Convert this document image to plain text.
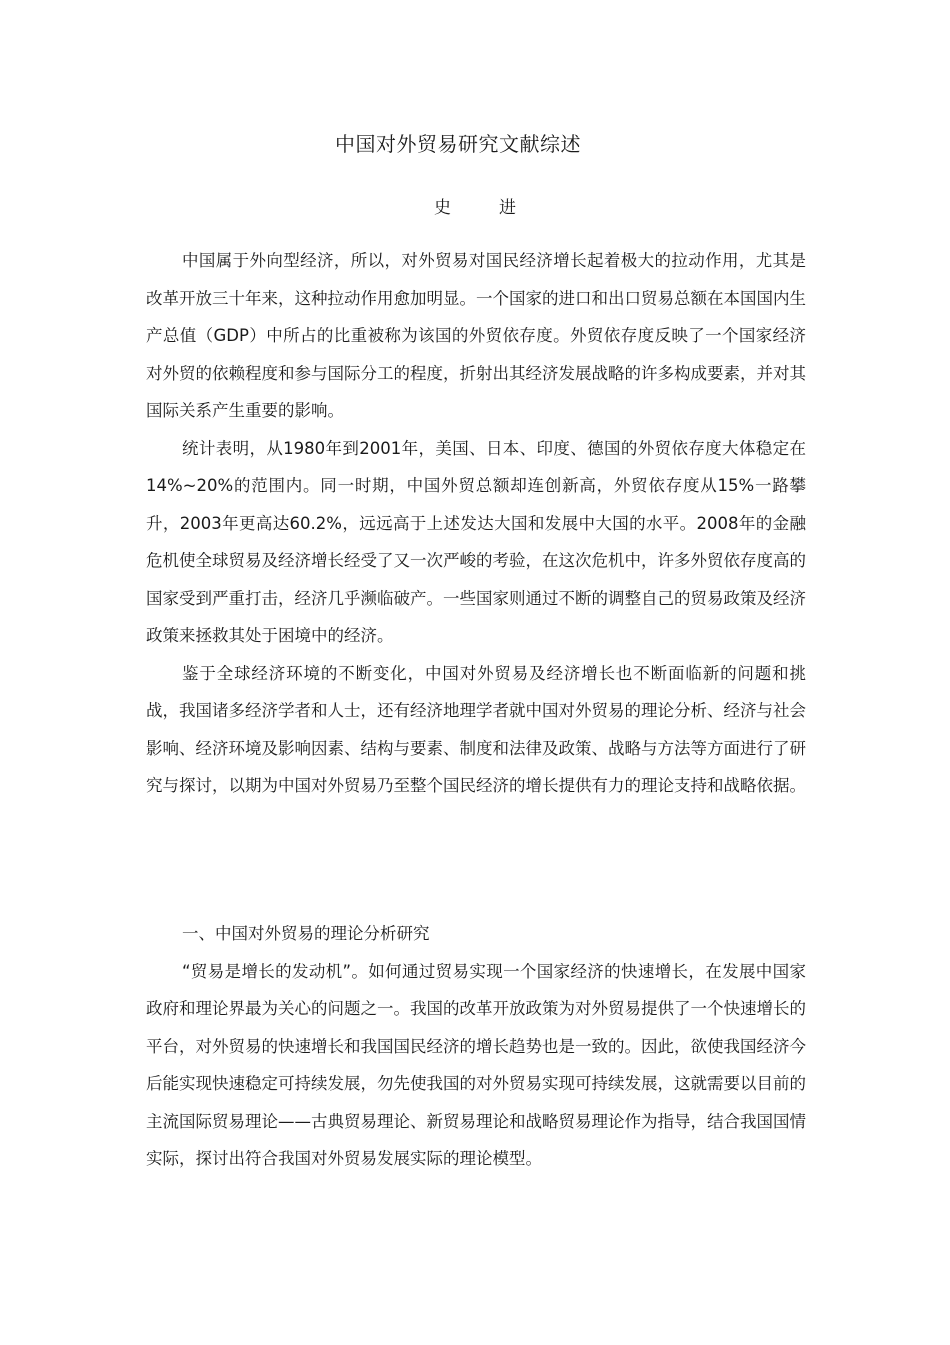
中国对外贸易研究文献综述
史进

中国属于外向型经济，所以，对外贸易对国民经济增长起着极大的拉动作用，尤其是改革开放三十年来，这种拉动作用愈加明显。一个国家的进口和出口贸易总额在本国国内生产总值（GDP）中所占的比重被称为该国的外贸依存度。外贸依存度反映了一个国家经济对外贸的依赖程度和参与国际分工的程度，折射出其经济发展战略的许多构成要素，并对其国际关系产生重要的影响。

统计表明，从1980年到2001年，美国、日本、印度、德国的外贸依存度大体稳定在14%~20%的范围内。同一时期，中国外贸总额却连创新高，外贸依存度从15%一路攀升，2003年更高达60.2%，远远高于上述发达大国和发展中大国的水平。2008年的金融危机使全球贸易及经济增长经受了又一次严峻的考验，在这次危机中，许多外贸依存度高的国家受到严重打击，经济几乎濒临破产。一些国家则通过不断的调整自己的贸易政策及经济政策来拯救其处于困境中的经济。

鉴于全球经济环境的不断变化，中国对外贸易及经济增长也不断面临新的问题和挑战，我国诸多经济学者和人士，还有经济地理学者就中国对外贸易的理论分析、经济与社会影响、经济环境及影响因素、结构与要素、制度和法律及政策、战略与方法等方面进行了研究与探讨，以期为中国对外贸易乃至整个国民经济的增长提供有力的理论支持和战略依据。

一、中国对外贸易的理论分析研究

“贸易是增长的发动机”。如何通过贸易实现一个国家经济的快速增长，在发展中国家政府和理论界最为关心的问题之一。我国的改革开放政策为对外贸易提供了一个快速增长的平台，对外贸易的快速增长和我国国民经济的增长趋势也是一致的。因此，欲使我国经济今后能实现快速稳定可持续发展，勿先使我国的对外贸易实现可持续发展，这就需要以目前的主流国际贸易理论——古典贸易理论、新贸易理论和战略贸易理论作为指导，结合我国国情实际，探讨出符合我国对外贸易发展实际的理论模型。
